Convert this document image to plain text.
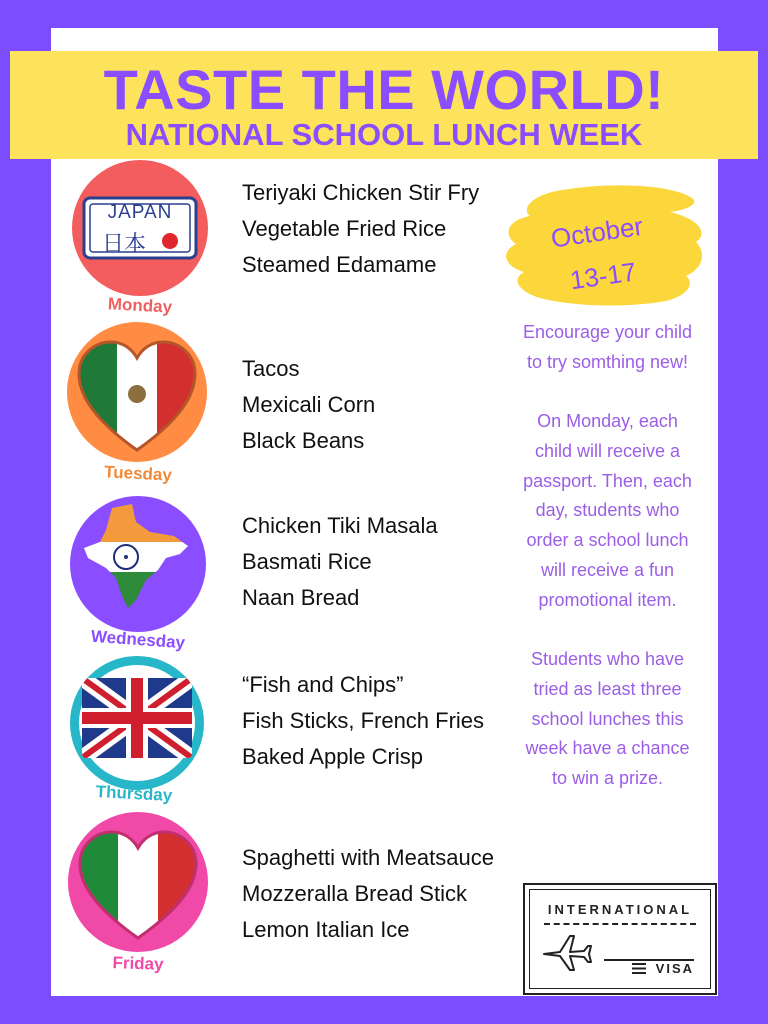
TASTE THE WORLD!
NATIONAL SCHOOL LUNCH WEEK
JAPAN
日本
Monday
Teriyaki Chicken Stir Fry
Vegetable Fried Rice
Steamed Edamame
Tuesday
Tacos
Mexicali Corn
Black Beans
Wednesday
Chicken Tiki Masala
Basmati Rice
Naan Bread
Thursday
“Fish and Chips”
Fish Sticks, French Fries
Baked Apple Crisp
Friday
Spaghetti with Meatsauce
Mozzeralla Bread Stick
Lemon Italian Ice
October
13-17
Encourage your child
to try somthing new!
On Monday, each
child will receive a
passport. Then, each
day, students who
order a school lunch
will receive a fun
promotional item.
Students who have
tried as least three
school lunches this
week have a chance
to win a prize.
INTERNATIONAL
VISA
